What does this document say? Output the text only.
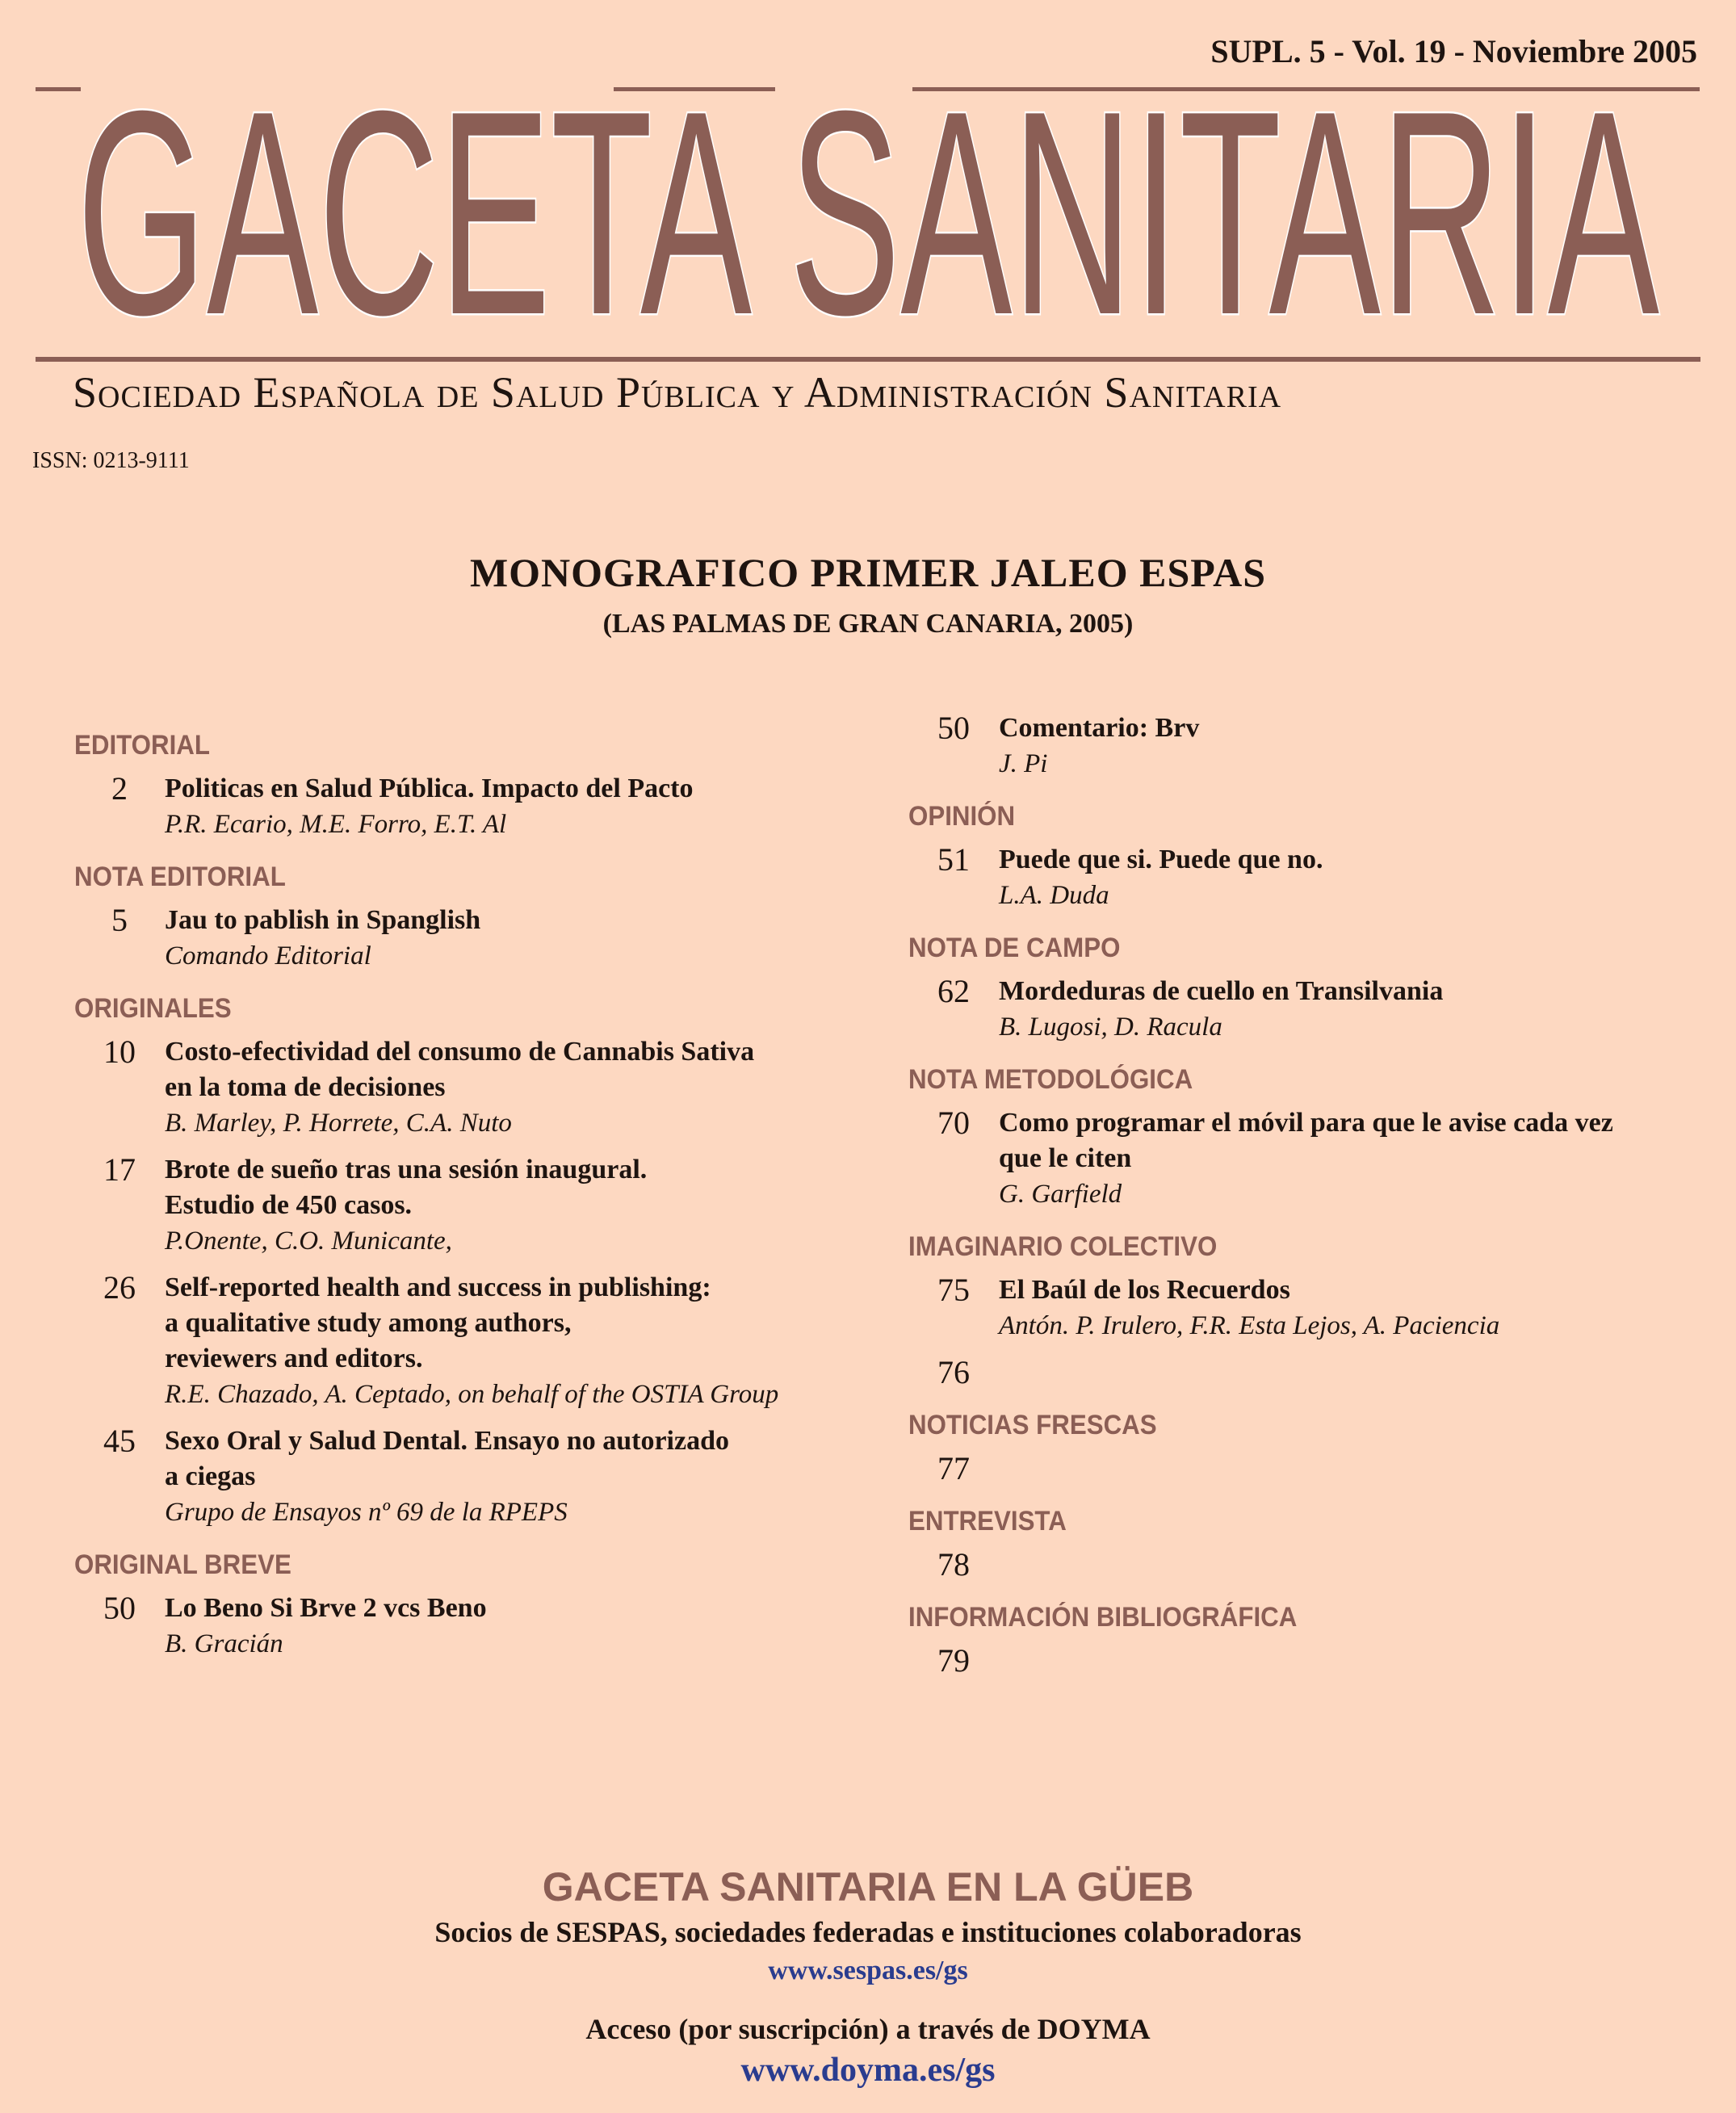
SUPL. 5 - Vol. 19 - Noviembre 2005
GACETA SANITARIA
Sociedad Española de Salud Pública y Administración Sanitaria
ISSN: 0213-9111
MONOGRAFICO PRIMER JALEO ESPAS
(LAS PALMAS DE GRAN CANARIA, 2005)
EDITORIAL
2	Politicas en Salud Pública. Impacto del Pacto
P.R. Ecario, M.E. Forro, E.T. Al
NOTA EDITORIAL
5	Jau to pablish in Spanglish
Comando Editorial
ORIGINALES
10	Costo-efectividad del consumo de Cannabis Sativa
en la toma de decisiones
B. Marley, P. Horrete, C.A. Nuto
17	Brote de sueño tras una sesión inaugural.
Estudio de 450 casos.
P.Onente, C.O. Municante,
26	Self-reported health and success in publishing:
a qualitative study among authors,
reviewers and editors.
R.E. Chazado, A. Ceptado, on behalf of the OSTIA Group
45	Sexo Oral y Salud Dental. Ensayo no autorizado
a ciegas
Grupo de Ensayos nº 69 de la RPEPS
ORIGINAL BREVE
50	Lo Beno Si Brve 2 vcs Beno
B. Gracián
50	Comentario: Brv
J. Pi
OPINIÓN
51	Puede que si. Puede que no.
L.A. Duda
NOTA DE CAMPO
62	Mordeduras de cuello en Transilvania
B. Lugosi, D. Racula
NOTA METODOLÓGICA
70	Como programar el móvil para que le avise cada vez
que le citen
G. Garfield
IMAGINARIO COLECTIVO
75	El Baúl de los Recuerdos
Antón. P. Irulero, F.R. Esta Lejos, A. Paciencia
76
NOTICIAS FRESCAS
77
ENTREVISTA
78
INFORMACIÓN BIBLIOGRÁFICA
79
GACETA SANITARIA EN LA GÜEB
Socios de SESPAS, sociedades federadas e instituciones colaboradoras
www.sespas.es/gs
Acceso (por suscripción) a través de DOYMA
www.doyma.es/gs
